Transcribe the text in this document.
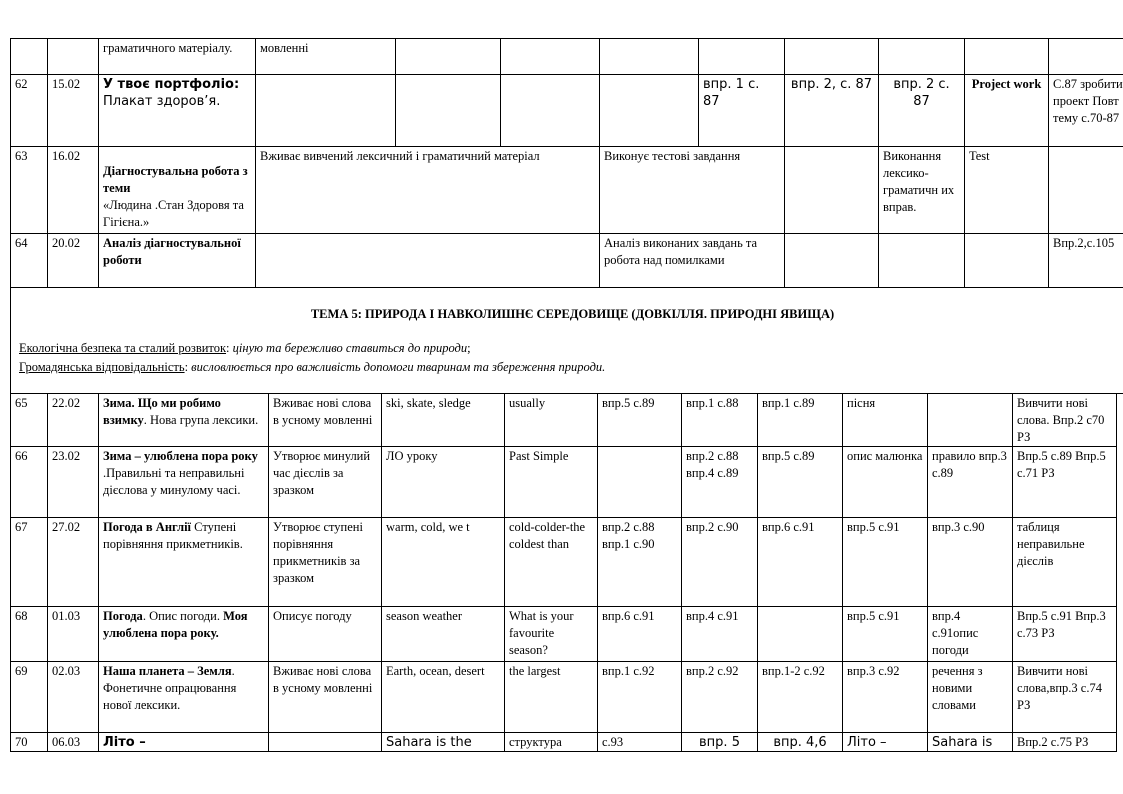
		граматичного матеріалу.	мовленні								
62	15.02	У твоє портфоліо:
Плакат здоров’я.					впр. 1 с. 87	впр. 2, с. 87	впр. 2 с. 87	Project work	С.87 зробити проект Повт тему с.70-87
63	16.02	Діагностувальна робота з теми
«Людина .Стан Здоровя та Гігієна.»	Вживає вивчений лексичний і граматичний матеріал			Виконує тестові завдання			Виконання лексико-граматичн их вправ.	Test	
64	20.02	Аналіз діагностувальної роботи				Аналіз виконаних завдань та робота над помилками					Впр.2,с.105

ТЕМА 5: ПРИРОДА І НАВКОЛИШНЄ СЕРЕДОВИЩЕ (ДОВКІЛЛЯ. ПРИРОДНІ ЯВИЩА)
Екологічна безпека та сталий розвиток: ціную та бережливо ставиться до природи;
Громадянська відповідальність: висловлюється про важливість допомоги тваринам та збереження природи.											
65	22.02	Зима. Що ми робимо взимку. Нова група лексики.	Вживає нові слова в усному мовленні	ski, skate, sledge	usually	впр.5 с.89	впр.1 с.88	впр.1 с.89	пісня		Вивчити нові слова. Впр.2 с70 РЗ
66	23.02	Зима – улюблена пора року .Правильні та неправильні дієслова у минулому часі.	Утворює минулий час дієслів за зразком	ЛО уроку	Past Simple		впр.2 с.88 впр.4 с.89	впр.5 с.89	опис малюнка	правило впр.3 с.89	Впр.5 с.89 Впр.5 с.71 РЗ
67	27.02	Погода в Англії Ступені порівняння прикметників.	Утворює ступені порівняння прикметників за зразком	warm, cold, we t	cold-colder-the coldest than	впр.2 с.88 впр.1 с.90	впр.2 с.90	впр.6 с.91	впр.5 с.91	впр.3 с.90	таблиця неправильне дієслів
68	01.03	Погода. Опис погоди. Моя улюблена пора року.	Описує погоду	season weather	What is your favourite season?	впр.6 с.91	впр.4 с.91		впр.5 с.91	впр.4 с.91опис погоди	Впр.5 с.91 Впр.3 с.73 РЗ
69	02.03	Наша планета – Земля. Фонетичне опрацювання нової лексики.	Вживає нові слова в усному мовленні	Earth, ocean, desert	the largest	впр.1 с.92	впр.2 с.92	впр.1-2 с.92	впр.3 с.92	речення з новими словами	Вивчити нові слова,впр.3 с.74 РЗ
70	06.03	Літо –		Sahara is the	структура	с.93	впр. 5	впр. 4,6	Літо –	Sahara is	Впр.2 с.75 РЗ
